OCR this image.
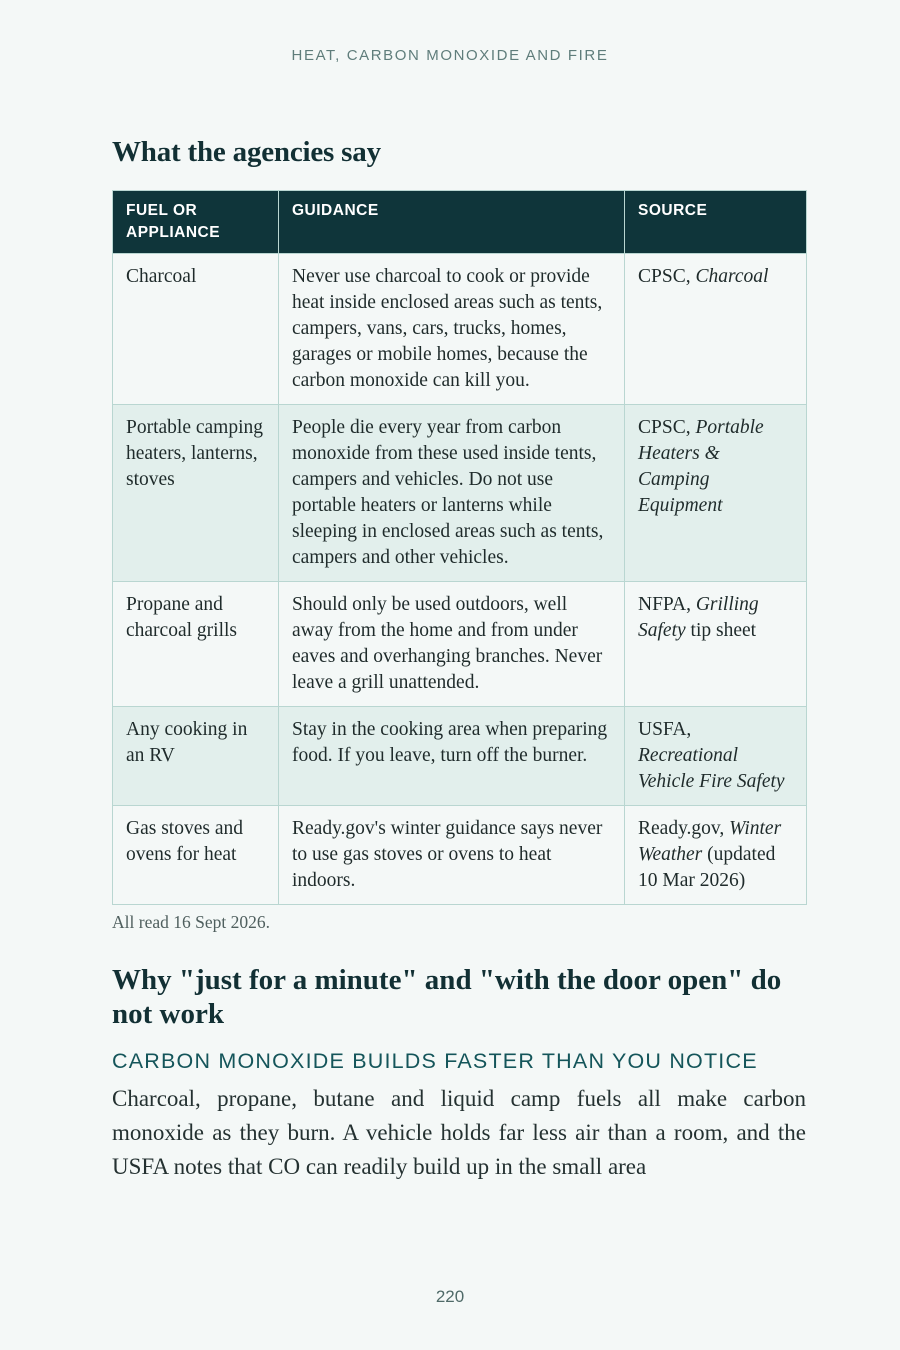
HEAT, CARBON MONOXIDE AND FIRE
What the agencies say
FUEL OR APPLIANCE	GUIDANCE	SOURCE
Charcoal	Never use charcoal to cook or provide heat inside enclosed areas such as tents, campers, vans, cars, trucks, homes, garages or mobile homes, because the carbon monoxide can kill you.	CPSC, Charcoal
Portable camping heaters, lanterns, stoves	People die every year from carbon monoxide from these used inside tents, campers and vehicles. Do not use portable heaters or lanterns while sleeping in enclosed areas such as tents, campers and other vehicles.	CPSC, Portable Heaters & Camping Equipment
Propane and charcoal grills	Should only be used outdoors, well away from the home and from under eaves and overhanging branches. Never leave a grill unattended.	NFPA, Grilling Safety tip sheet
Any cooking in an RV	Stay in the cooking area when preparing food. If you leave, turn off the burner.	USFA, Recreational Vehicle Fire Safety
Gas stoves and ovens for heat	Ready.gov's winter guidance says never to use gas stoves or ovens to heat indoors.	Ready.gov, Winter Weather (updated 10 Mar 2026)
All read 16 Sept 2026.
Why "just for a minute" and "with the door open" do not work
CARBON MONOXIDE BUILDS FASTER THAN YOU NOTICE

Charcoal, propane, butane and liquid camp fuels all make carbon monoxide as they burn. A vehicle holds far less air than a room, and the USFA notes that CO can readily build up in the small area

220
